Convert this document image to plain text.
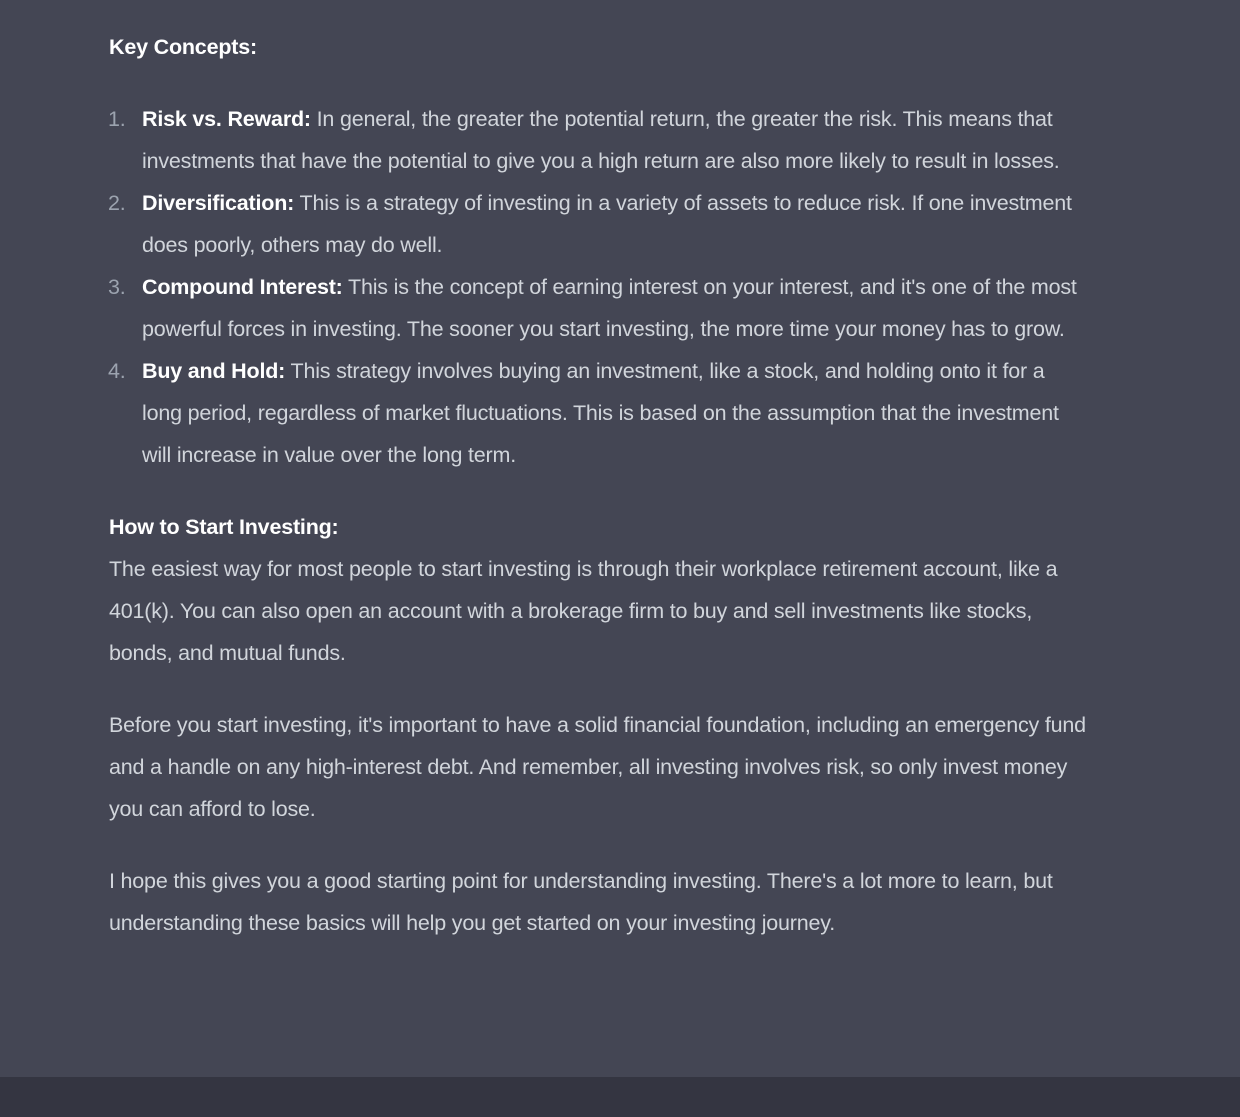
Key Concepts:
1. Risk vs. Reward: In general, the greater the potential return, the greater the risk. This means that investments that have the potential to give you a high return are also more likely to result in losses.
2. Diversification: This is a strategy of investing in a variety of assets to reduce risk. If one investment does poorly, others may do well.
3. Compound Interest: This is the concept of earning interest on your interest, and it's one of the most powerful forces in investing. The sooner you start investing, the more time your money has to grow.
4. Buy and Hold: This strategy involves buying an investment, like a stock, and holding onto it for a long period, regardless of market fluctuations. This is based on the assumption that the investment will increase in value over the long term.
How to Start Investing:

The easiest way for most people to start investing is through their workplace retirement account, like a 401(k). You can also open an account with a brokerage firm to buy and sell investments like stocks, bonds, and mutual funds.

Before you start investing, it's important to have a solid financial foundation, including an emergency fund and a handle on any high-interest debt. And remember, all investing involves risk, so only invest money you can afford to lose.

I hope this gives you a good starting point for understanding investing. There's a lot more to learn, but understanding these basics will help you get started on your investing journey.
